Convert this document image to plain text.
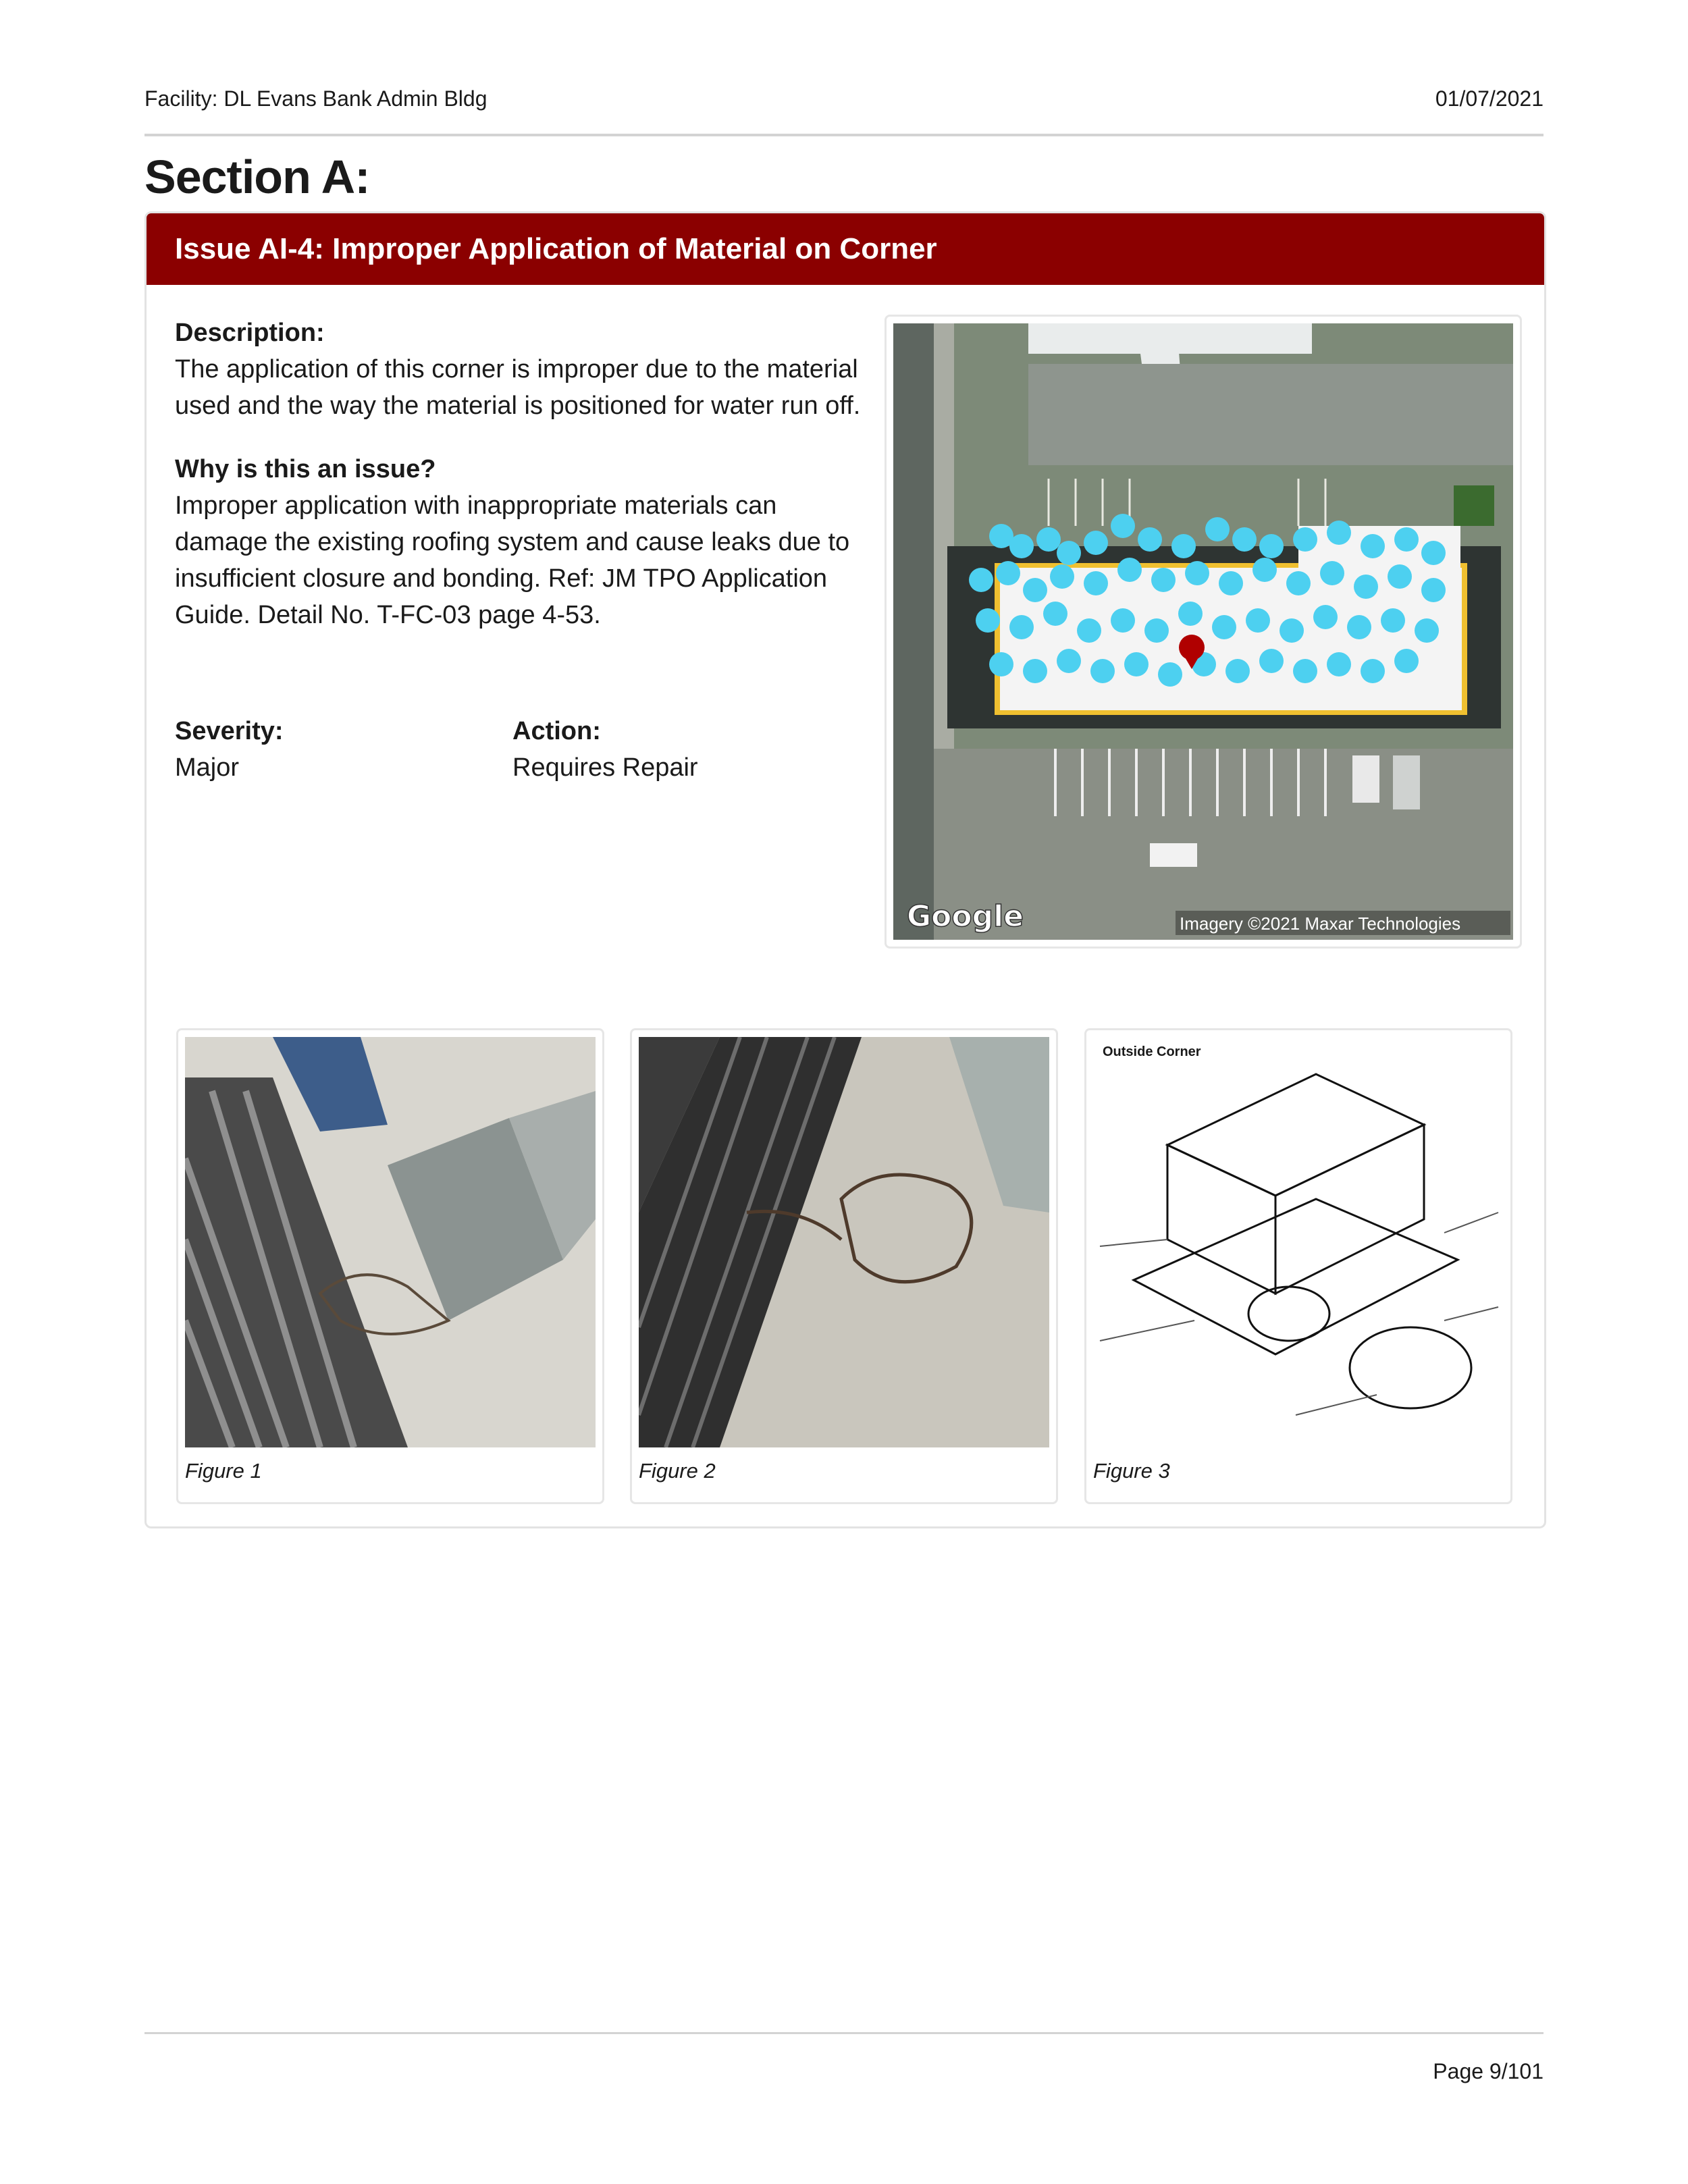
Facility: DL Evans Bank Admin Bldg	01/07/2021
Section A:
Issue AI-4: Improper Application of Material on Corner
Description:

The application of this corner is improper due to the material used and the way the material is positioned for water run off.

Why is this an issue?

Improper application with inappropriate materials can damage the existing roofing system and cause leaks due to insufficient closure and bonding. Ref: JM TPO Application Guide. Detail No. T-FC-03 page 4-53.

Severity:
Major
Action:
Requires Repair
Google	Imagery ©2021 Maxar Technologies
Figure 1	Figure 2
Outside Corner
Figure 3
Page 9/101
